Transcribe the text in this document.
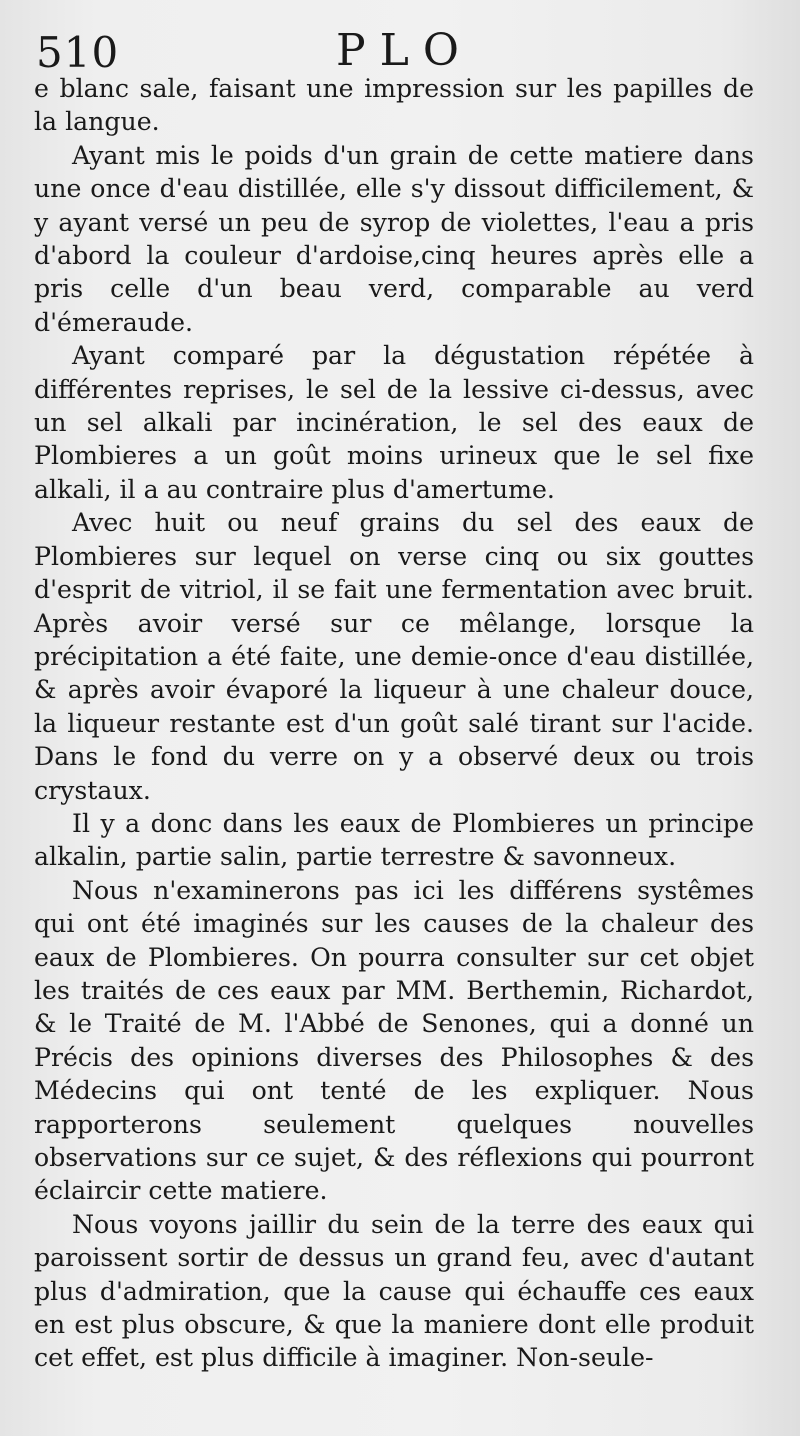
510	PLO

e blanc sale, faisant une impression sur les papilles de la langue.

Ayant mis le poids d'un grain de cette matiere dans une once d'eau distillée, elle s'y dissout difficilement, & y ayant versé un peu de syrop de violettes, l'eau a pris d'abord la couleur d'ardoise,cinq heures après elle a pris celle d'un beau verd, comparable au verd d'émeraude.

Ayant comparé par la dégustation répétée à différentes reprises, le sel de la lessive ci-dessus, avec un sel alkali par incinération, le sel des eaux de Plombieres a un goût moins urineux que le sel fixe alkali, il a au contraire plus d'amertume.

Avec huit ou neuf grains du sel des eaux de Plombieres sur lequel on verse cinq ou six gouttes d'esprit de vitriol, il se fait une fermentation avec bruit. Après avoir versé sur ce mêlange, lorsque la précipitation a été faite, une demie-once d'eau distillée, & après avoir évaporé la liqueur à une chaleur douce, la liqueur restante est d'un goût salé tirant sur l'acide. Dans le fond du verre on y a observé deux ou trois crystaux.

Il y a donc dans les eaux de Plombieres un principe alkalin, partie salin, partie terrestre & savonneux.

Nous n'examinerons pas ici les différens systêmes qui ont été imaginés sur les causes de la chaleur des eaux de Plombieres. On pourra consulter sur cet objet les traités de ces eaux par MM. Berthemin, Richardot, & le Traité de M. l'Abbé de Senones, qui a donné un Précis des opinions diverses des Philosophes & des Médecins qui ont tenté de les expliquer. Nous rapporterons seulement quelques nouvelles observations sur ce sujet, & des réflexions qui pourront éclaircir cette matiere.

Nous voyons jaillir du sein de la terre des eaux qui paroissent sortir de dessus un grand feu, avec d'autant plus d'admiration, que la cause qui échauffe ces eaux en est plus obscure, & que la maniere dont elle produit cet effet, est plus difficile à imaginer. Non-seule-
